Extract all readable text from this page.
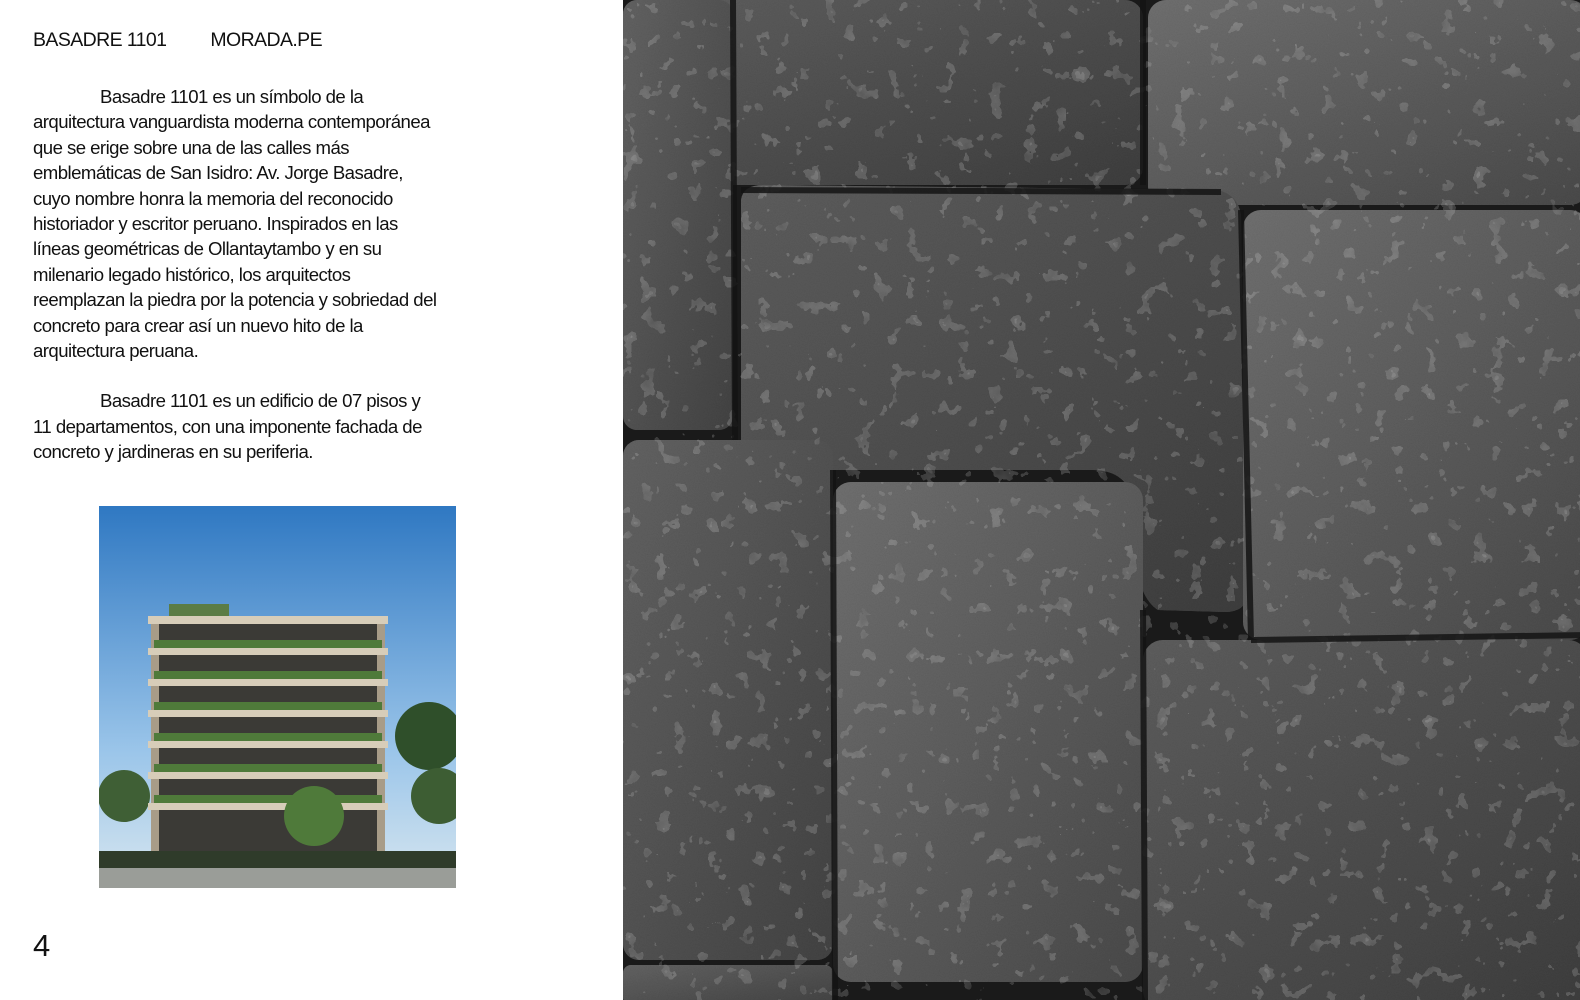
BASADRE 1101 MORADA.PE

Basadre 1101 es un símbolo de la arquitectura vanguardista moderna contemporánea que se erige sobre una de las calles más emblemáticas de San Isidro: Av. Jorge Basadre, cuyo nombre honra la memoria del reconocido historiador y escritor peruano. Inspirados en las líneas geométricas de Ollantaytambo y en su milenario legado histórico, los arquitectos reemplazan la piedra por la potencia y sobriedad del concreto para crear así un nuevo hito de la arquitectura peruana.

Basadre 1101 es un edificio de 07 pisos y 11 departamentos, con una imponente fachada de concreto y jardineras en su periferia.

4
